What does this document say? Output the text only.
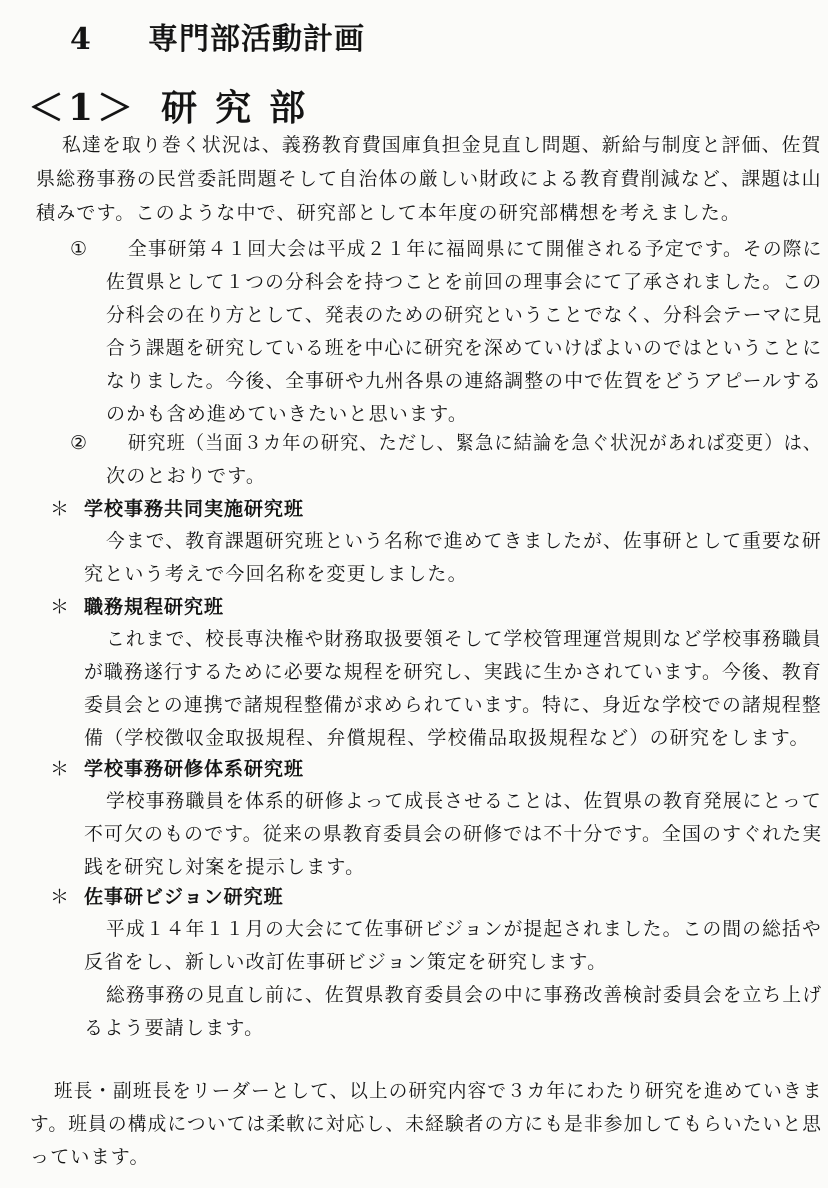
4 専門部活動計画
＜1＞ 研究部

私達を取り巻く状況は、義務教育費国庫負担金見直し問題、新給与制度と評価、佐賀

県総務事務の民営委託問題そして自治体の厳しい財政による教育費削減など、課題は山

積みです。このような中で、研究部として本年度の研究部構想を考えました。

① 全事研第４１回大会は平成２１年に福岡県にて開催される予定です。その際に

佐賀県として１つの分科会を持つことを前回の理事会にて了承されました。この

分科会の在り方として、発表のための研究ということでなく、分科会テーマに見

合う課題を研究している班を中心に研究を深めていけばよいのではということに

なりました。今後、全事研や九州各県の連絡調整の中で佐賀をどうアピールする

のかも含め進めていきたいと思います。

② 研究班（当面３カ年の研究、ただし、緊急に結論を急ぐ状況があれば変更）は、

次のとおりです。

＊ 学校事務共同実施研究班

今まで、教育課題研究班という名称で進めてきましたが、佐事研として重要な研

究という考えで今回名称を変更しました。

＊ 職務規程研究班

これまで、校長専決権や財務取扱要領そして学校管理運営規則など学校事務職員

が職務遂行するために必要な規程を研究し、実践に生かされています。今後、教育

委員会との連携で諸規程整備が求められています。特に、身近な学校での諸規程整

備（学校徴収金取扱規程、弁償規程、学校備品取扱規程など）の研究をします。

＊ 学校事務研修体系研究班

学校事務職員を体系的研修よって成長させることは、佐賀県の教育発展にとって

不可欠のものです。従来の県教育委員会の研修では不十分です。全国のすぐれた実

践を研究し対案を提示します。

＊ 佐事研ビジョン研究班

平成１４年１１月の大会にて佐事研ビジョンが提起されました。この間の総括や

反省をし、新しい改訂佐事研ビジョン策定を研究します。

総務事務の見直し前に、佐賀県教育委員会の中に事務改善検討委員会を立ち上げ

るよう要請します。

班長・副班長をリーダーとして、以上の研究内容で３カ年にわたり研究を進めていきま

す。班員の構成については柔軟に対応し、未経験者の方にも是非参加してもらいたいと思

っています。
